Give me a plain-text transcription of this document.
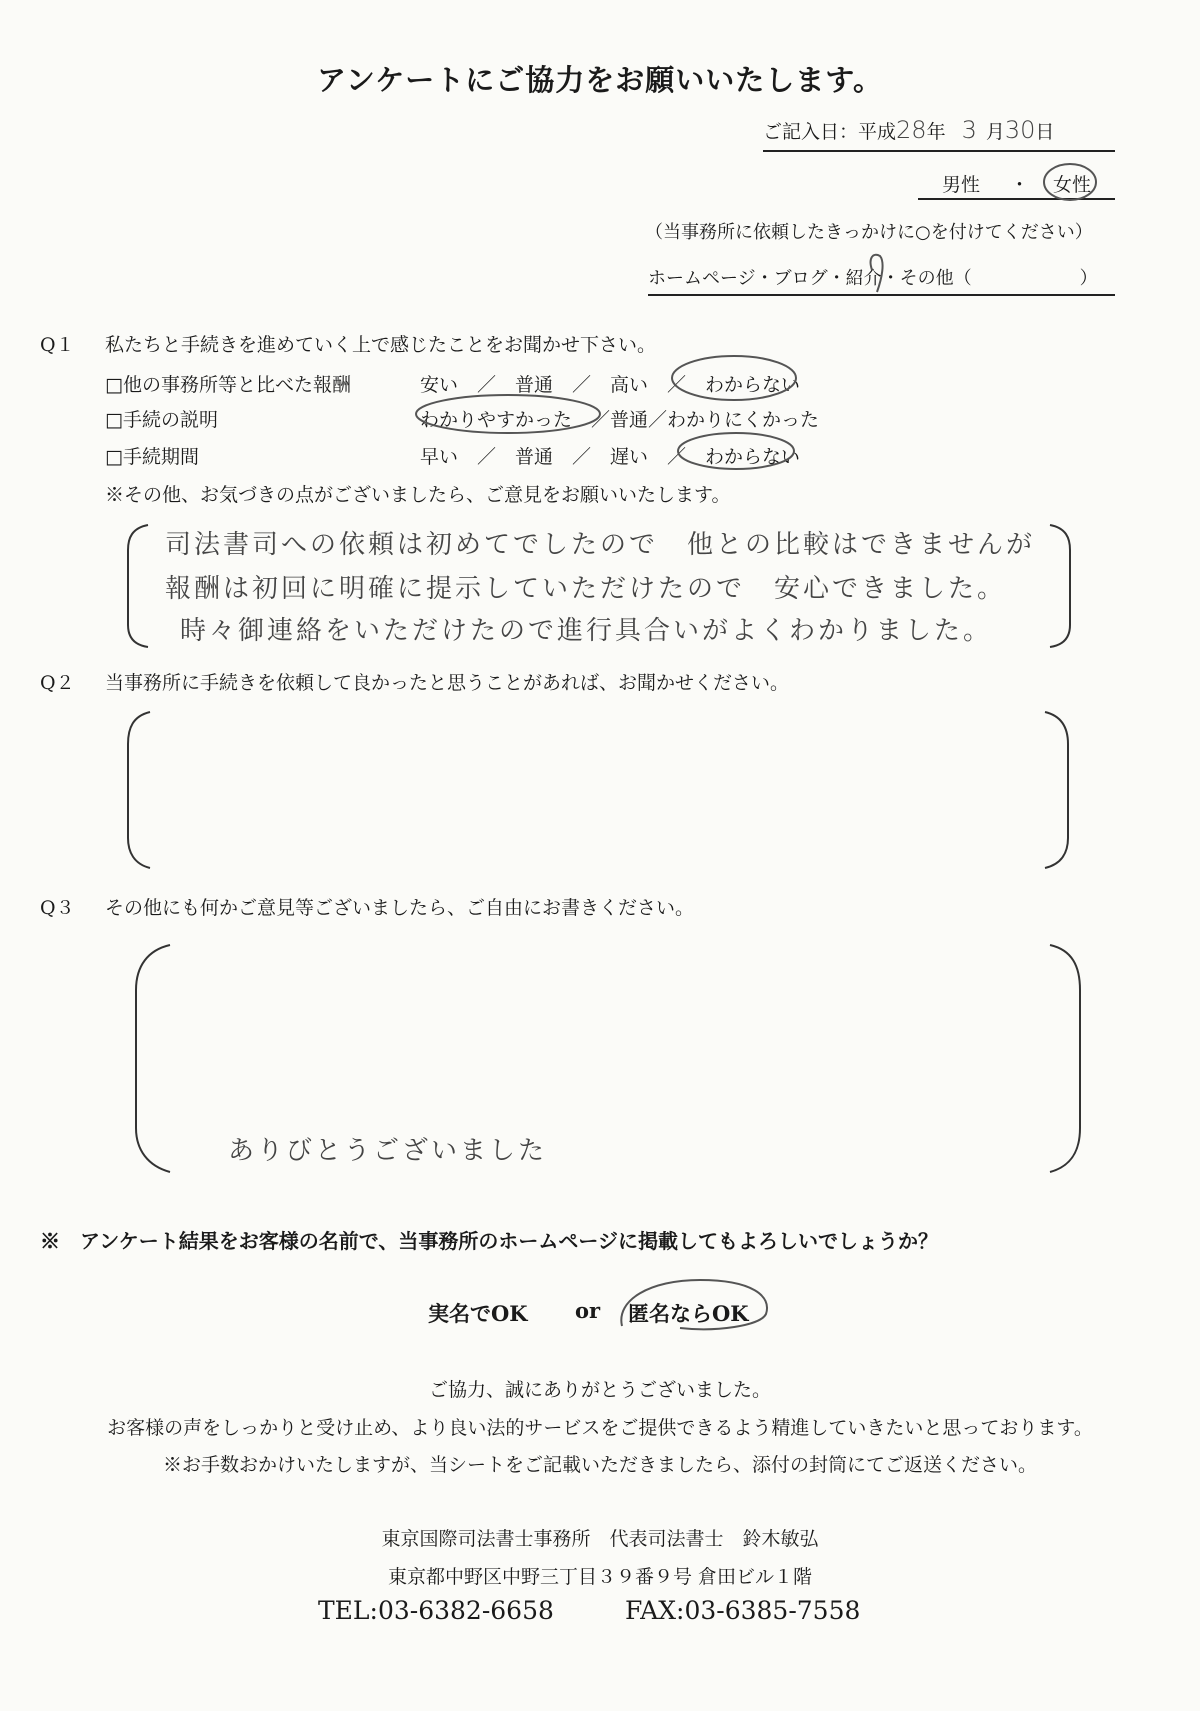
アンケートにご協力をお願いいたします。
ご記入日：平成28年 3 月30日
男性 ・ 女性
（当事務所に依頼したきっかけに○を付けてください）
ホームページ・ブログ・紹介・その他（　　　　　　）
Q１ 私たちと手続きを進めていく上で感じたことをお聞かせ下さい。
□他の事務所等と比べた報酬	安い　／　普通　／　高い　／　わからない
□手続の説明	わかりやすかった　／普通／わかりにくかった
□手続期間	早い　／　普通　／　遅い　／　わからない
※その他、お気づきの点がございましたら、ご意見をお願いいたします。
司法書司への依頼は初めてでしたので　他との比較はできませんが
報酬は初回に明確に提示していただけたので　安心できました。
時々御連絡をいただけたので進行具合いがよくわかりました。
Q２ 当事務所に手続きを依頼して良かったと思うことがあれば、お聞かせください。
Q３ その他にも何かご意見等ございましたら、ご自由にお書きください。
ありびとうございました
※　アンケート結果をお客様の名前で、当事務所のホームページに掲載してもよろしいでしょうか？
実名でOK or 匿名ならOK
ご協力、誠にありがとうございました。
お客様の声をしっかりと受け止め、より良い法的サービスをご提供できるよう精進していきたいと思っております。
※お手数おかけいたしますが、当シートをご記載いただきましたら、添付の封筒にてご返送ください。
東京国際司法書士事務所　代表司法書士　鈴木敏弘
東京都中野区中野三丁目３９番９号 倉田ビル１階
TEL:03-6382-6658	FAX:03-6385-7558
